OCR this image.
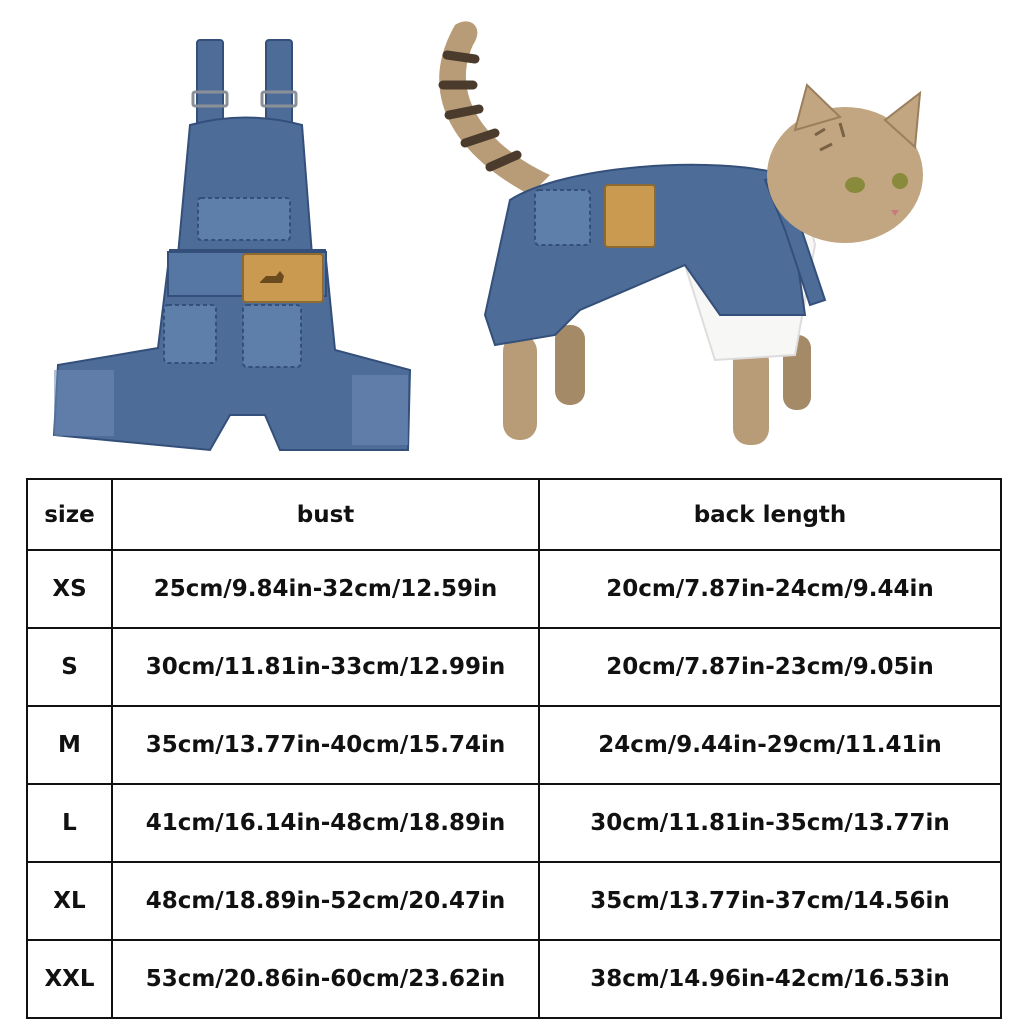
size	bust	back length
XS	25cm/9.84in-32cm/12.59in	20cm/7.87in-24cm/9.44in
S	30cm/11.81in-33cm/12.99in	20cm/7.87in-23cm/9.05in
M	35cm/13.77in-40cm/15.74in	24cm/9.44in-29cm/11.41in
L	41cm/16.14in-48cm/18.89in	30cm/11.81in-35cm/13.77in
XL	48cm/18.89in-52cm/20.47in	35cm/13.77in-37cm/14.56in
XXL	53cm/20.86in-60cm/23.62in	38cm/14.96in-42cm/16.53in
